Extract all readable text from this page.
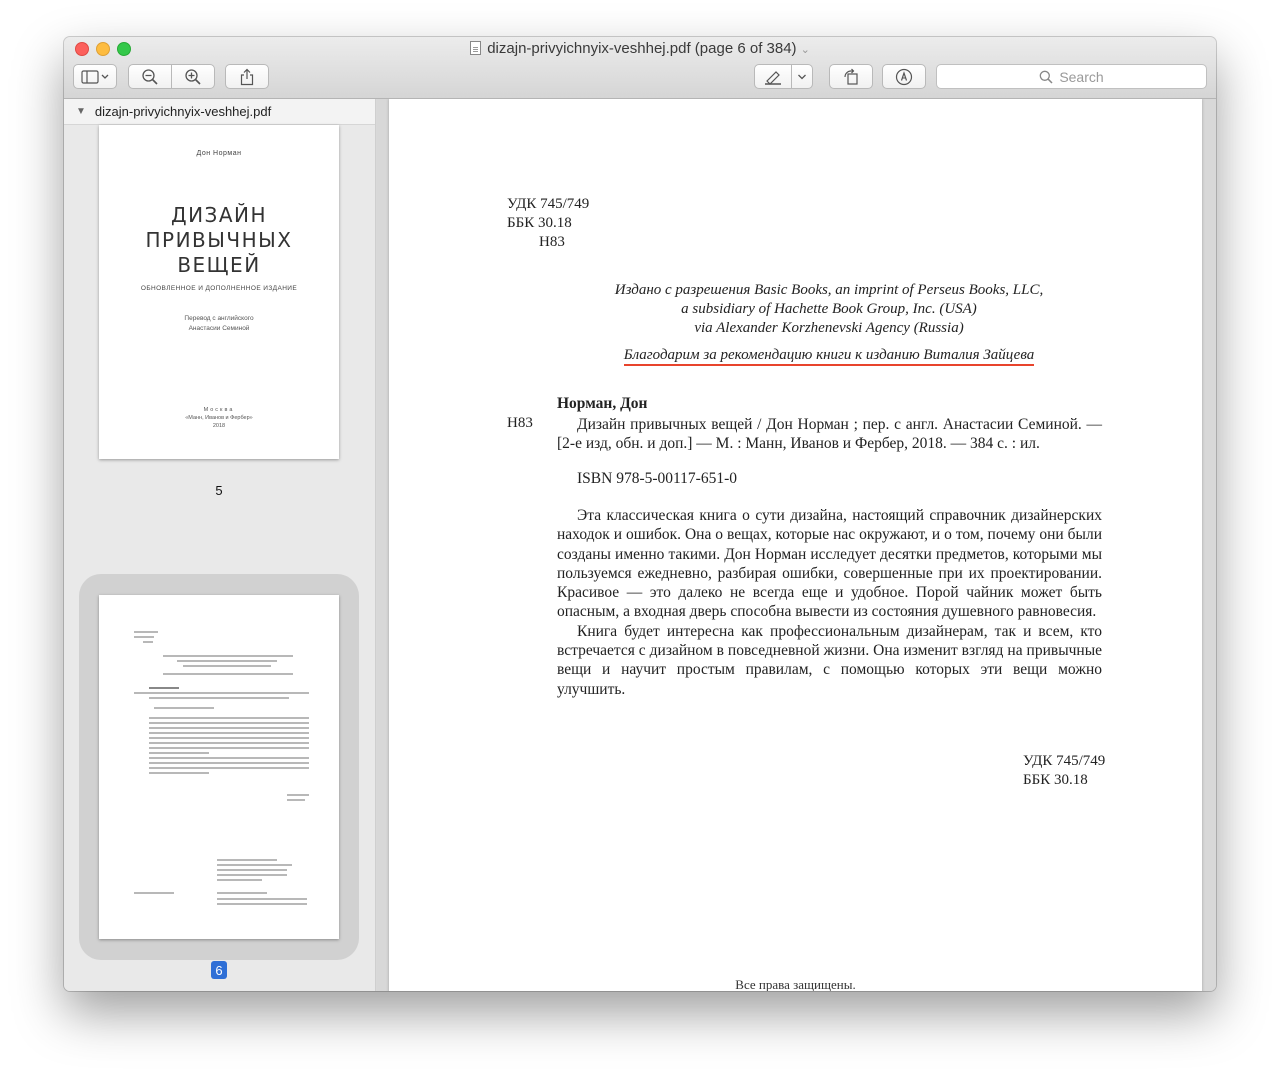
dizajn-privyichnyix-veshhej.pdf (page 6 of 384) ⌄
Search
▼ dizajn-privyichnyix-veshhej.pdf
Дон Норман
ДИЗАЙН
ПРИВЫЧНЫХ
ВЕЩЕЙ
ОБНОВЛЕННОЕ И ДОПОЛНЕННОЕ ИЗДАНИЕ
Перевод с английского
Анастасии Семиной
Москва
«Манн, Иванов и Фербер»
2018
5
6
УДК 745/749
ББК 30.18
Н83
Издано с разрешения Basic Books, an imprint of Perseus Books, LLC,
a subsidiary of Hachette Book Group, Inc. (USA)
via Alexander Korzhenevski Agency (Russia)
Благодарим за рекомендацию книги к изданию Виталия Зайцева
Норман, Дон
Н83	Дизайн привычных вещей / Дон Норман ; пер. с англ. Анастасии Семиной. — [2-е изд, обн. и доп.] — М. : Манн, Иванов и Фербер, 2018. — 384 с. : ил.
ISBN 978-5-00117-651-0

Эта классическая книга о сути дизайна, настоящий справочник дизайнерских находок и ошибок. Она о вещах, которые нас окружают, и о том, почему они были созданы именно такими. Дон Норман исследует десятки предметов, которыми мы пользуемся ежедневно, разбирая ошибки, совершенные при их проектировании. Красивое — это далеко не всегда еще и удобное. Порой чайник может быть опасным, а входная дверь способна вывести из состояния душевного равновесия.

Книга будет интересна как профессиональным дизайнерам, так и всем, кто встречается с дизайном в повседневной жизни. Она изменит взгляд на привычные вещи и научит простым правилам, с помощью которых эти вещи можно улучшить.

УДК 745/749
ББК 30.18
Все права защищены.
